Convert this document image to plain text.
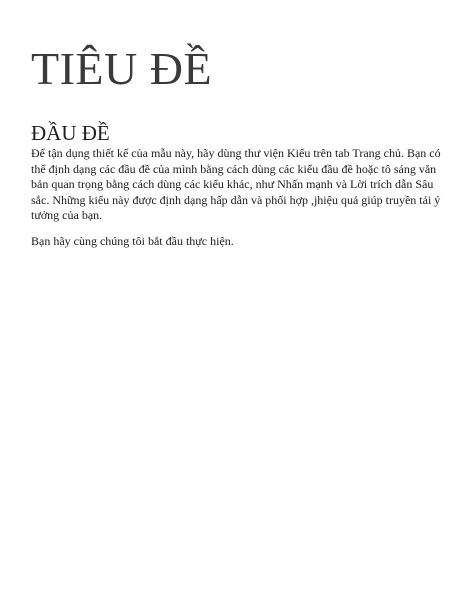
TIÊU ĐỀ
ĐẦU ĐỀ

Để tận dụng thiết kế của mẫu này, hãy dùng thư viện Kiểu trên tab Trang chủ. Bạn có thể định dạng các đầu đề của mình bằng cách dùng các kiểu đầu đề hoặc tô sáng văn bản quan trọng bằng cách dùng các kiểu khác, như Nhấn mạnh và Lời trích dẫn Sâu sắc. Những kiểu này được định dạng hấp dẫn và phối hợp ,jhiệu quả giúp truyền tải ý tưởng của bạn.

Bạn hãy cùng chúng tôi bắt đầu thực hiện.
